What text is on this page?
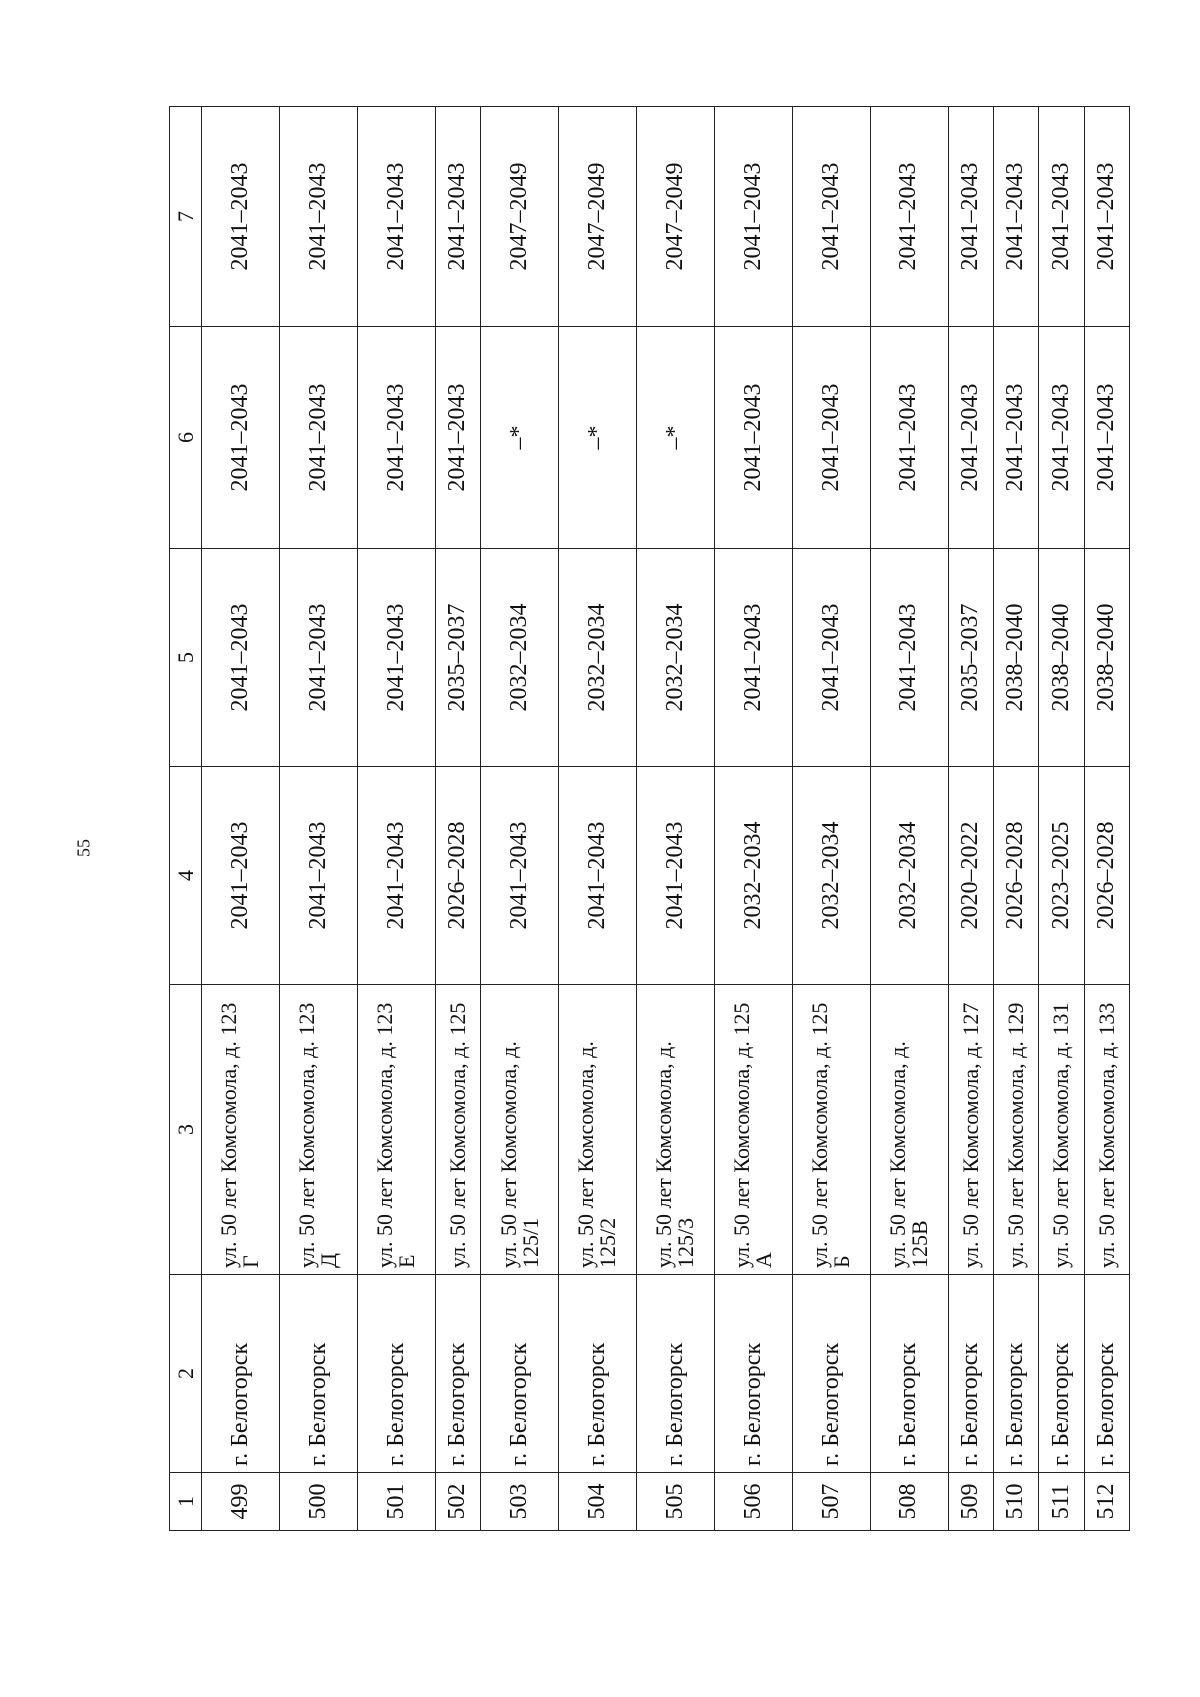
55
1	2	3	4	5	6	7
499	г. Белогорск	ул. 50 лет Комсомола, д. 123 Г	2041–2043	2041–2043	2041–2043	2041–2043
500	г. Белогорск	ул. 50 лет Комсомола, д. 123 Д	2041–2043	2041–2043	2041–2043	2041–2043
501	г. Белогорск	ул. 50 лет Комсомола, д. 123 Е	2041–2043	2041–2043	2041–2043	2041–2043
502	г. Белогорск	ул. 50 лет Комсомола, д. 125	2026–2028	2035–2037	2041–2043	2041–2043
503	г. Белогорск	ул. 50 лет Комсомола, д. 125/1	2041–2043	2032–2034	–*	2047–2049
504	г. Белогорск	ул. 50 лет Комсомола, д. 125/2	2041–2043	2032–2034	–*	2047–2049
505	г. Белогорск	ул. 50 лет Комсомола, д. 125/3	2041–2043	2032–2034	–*	2047–2049
506	г. Белогорск	ул. 50 лет Комсомола, д. 125 А	2032–2034	2041–2043	2041–2043	2041–2043
507	г. Белогорск	ул. 50 лет Комсомола, д. 125 Б	2032–2034	2041–2043	2041–2043	2041–2043
508	г. Белогорск	ул. 50 лет Комсомола, д. 125В	2032–2034	2041–2043	2041–2043	2041–2043
509	г. Белогорск	ул. 50 лет Комсомола, д. 127	2020–2022	2035–2037	2041–2043	2041–2043
510	г. Белогорск	ул. 50 лет Комсомола, д. 129	2026–2028	2038–2040	2041–2043	2041–2043
511	г. Белогорск	ул. 50 лет Комсомола, д. 131	2023–2025	2038–2040	2041–2043	2041–2043
512	г. Белогорск	ул. 50 лет Комсомола, д. 133	2026–2028	2038–2040	2041–2043	2041–2043
